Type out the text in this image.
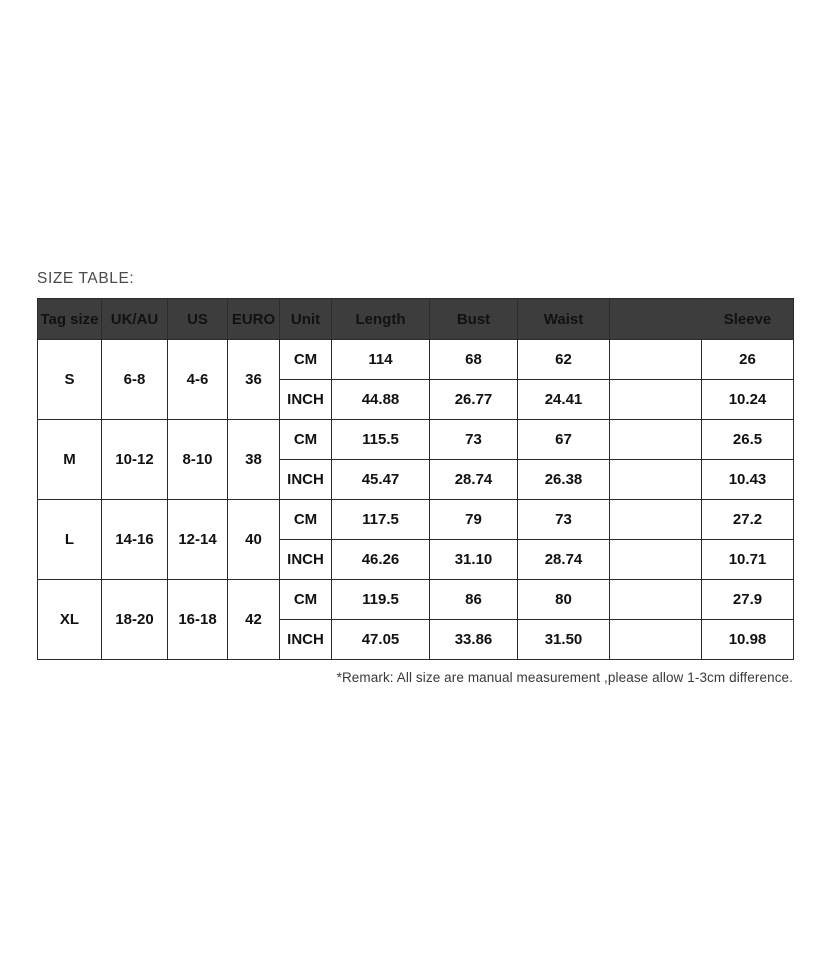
SIZE TABLE:
Tag size	UK/AU	US	EURO	Unit	Length	Bust	Waist		Sleeve
S	6-8	4-6	36	CM	114	68	62		26
				INCH	44.88	26.77	24.41		10.24
M	10-12	8-10	38	CM	115.5	73	67		26.5
				INCH	45.47	28.74	26.38		10.43
L	14-16	12-14	40	CM	117.5	79	73		27.2
				INCH	46.26	31.10	28.74		10.71
XL	18-20	16-18	42	CM	119.5	86	80		27.9
				INCH	47.05	33.86	31.50		10.98
*Remark: All size are manual measurement ,please allow 1-3cm difference.
